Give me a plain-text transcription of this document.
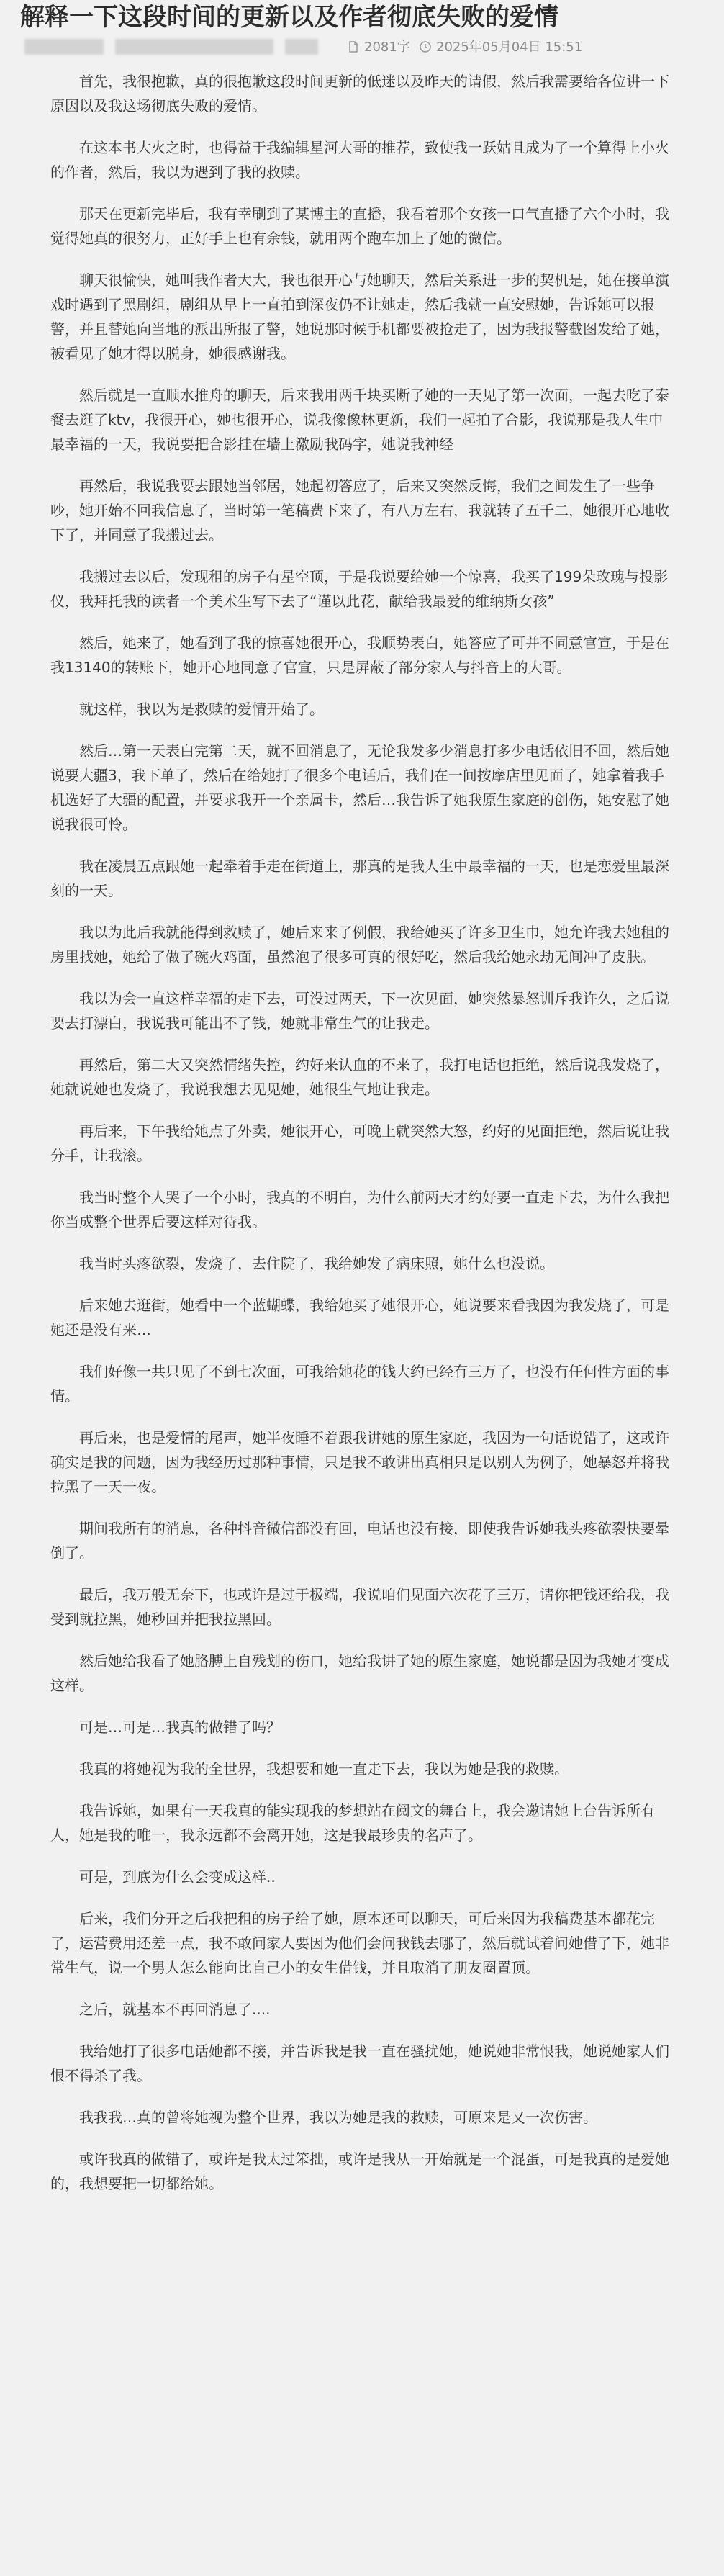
解释一下这段时间的更新以及作者彻底失败的爱情
2081字	2025年05月04日 15:51

首先，我很抱歉，真的很抱歉这段时间更新的低迷以及昨天的请假，然后我需要给各位讲一下原因以及我这场彻底失败的爱情。

在这本书大火之时，也得益于我编辑星河大哥的推荐，致使我一跃姑且成为了一个算得上小火的作者，然后，我以为遇到了我的救赎。

那天在更新完毕后，我有幸刷到了某博主的直播，我看着那个女孩一口气直播了六个小时，我觉得她真的很努力，正好手上也有余钱，就用两个跑车加上了她的微信。

聊天很愉快，她叫我作者大大，我也很开心与她聊天，然后关系进一步的契机是，她在接单演戏时遇到了黑剧组，剧组从早上一直拍到深夜仍不让她走，然后我就一直安慰她，告诉她可以报警，并且替她向当地的派出所报了警，她说那时候手机都要被抢走了，因为我报警截图发给了她，被看见了她才得以脱身，她很感谢我。

然后就是一直顺水推舟的聊天，后来我用两千块买断了她的一天见了第一次面，一起去吃了泰餐去逛了ktv，我很开心，她也很开心，说我像像林更新，我们一起拍了合影，我说那是我人生中最幸福的一天，我说要把合影挂在墙上激励我码字，她说我神经

再然后，我说我要去跟她当邻居，她起初答应了，后来又突然反悔，我们之间发生了一些争吵，她开始不回我信息了，当时第一笔稿费下来了，有八万左右，我就转了五千二，她很开心地收下了，并同意了我搬过去。

我搬过去以后，发现租的房子有星空顶，于是我说要给她一个惊喜，我买了199朵玫瑰与投影仪，我拜托我的读者一个美术生写下去了“谨以此花，献给我最爱的维纳斯女孩”

然后，她来了，她看到了我的惊喜她很开心，我顺势表白，她答应了可并不同意官宣，于是在我13140的转账下，她开心地同意了官宣，只是屏蔽了部分家人与抖音上的大哥。

就这样，我以为是救赎的爱情开始了。

然后…第一天表白完第二天，就不回消息了，无论我发多少消息打多少电话依旧不回，然后她说要大疆3，我下单了，然后在给她打了很多个电话后，我们在一间按摩店里见面了，她拿着我手机选好了大疆的配置，并要求我开一个亲属卡，然后…我告诉了她我原生家庭的创伤，她安慰了她说我很可怜。

我在凌晨五点跟她一起牵着手走在街道上，那真的是我人生中最幸福的一天，也是恋爱里最深刻的一天。

我以为此后我就能得到救赎了，她后来来了例假，我给她买了许多卫生巾，她允许我去她租的房里找她，她给了做了碗火鸡面，虽然泡了很多可真的很好吃，然后我给她永劫无间冲了皮肤。

我以为会一直这样幸福的走下去，可没过两天，下一次见面，她突然暴怒训斥我许久，之后说要去打漂白，我说我可能出不了钱，她就非常生气的让我走。

再然后，第二大又突然情绪失控，约好来认血的不来了，我打电话也拒绝，然后说我发烧了，她就说她也发烧了，我说我想去见见她，她很生气地让我走。

再后来，下午我给她点了外卖，她很开心，可晚上就突然大怒，约好的见面拒绝，然后说让我分手，让我滚。

我当时整个人哭了一个小时，我真的不明白，为什么前两天才约好要一直走下去，为什么我把你当成整个世界后要这样对待我。

我当时头疼欲裂，发烧了，去住院了，我给她发了病床照，她什么也没说。

后来她去逛街，她看中一个蓝蝴蝶，我给她买了她很开心，她说要来看我因为我发烧了，可是她还是没有来…

我们好像一共只见了不到七次面，可我给她花的钱大约已经有三万了，也没有任何性方面的事情。

再后来，也是爱情的尾声，她半夜睡不着跟我讲她的原生家庭，我因为一句话说错了，这或许确实是我的问题，因为我经历过那种事情，只是我不敢讲出真相只是以别人为例子，她暴怒并将我拉黑了一天一夜。

期间我所有的消息，各种抖音微信都没有回，电话也没有接，即使我告诉她我头疼欲裂快要晕倒了。

最后，我万般无奈下，也或许是过于极端，我说咱们见面六次花了三万，请你把钱还给我，我受到就拉黑，她秒回并把我拉黑回。

然后她给我看了她胳膊上自残划的伤口，她给我讲了她的原生家庭，她说都是因为我她才变成这样。

可是…可是…我真的做错了吗？

我真的将她视为我的全世界，我想要和她一直走下去，我以为她是我的救赎。

我告诉她，如果有一天我真的能实现我的梦想站在阅文的舞台上，我会邀请她上台告诉所有人，她是我的唯一，我永远都不会离开她，这是我最珍贵的名声了。

可是，到底为什么会变成这样..

后来，我们分开之后我把租的房子给了她，原本还可以聊天，可后来因为我稿费基本都花完了，运营费用还差一点，我不敢问家人要因为他们会问我钱去哪了，然后就试着问她借了下，她非常生气，说一个男人怎么能向比自己小的女生借钱，并且取消了朋友圈置顶。

之后，就基本不再回消息了....

我给她打了很多电话她都不接，并告诉我是我一直在骚扰她，她说她非常恨我，她说她家人们恨不得杀了我。

我我我…真的曾将她视为整个世界，我以为她是我的救赎，可原来是又一次伤害。

或许我真的做错了，或许是我太过笨拙，或许是我从一开始就是一个混蛋，可是我真的是爱她的，我想要把一切都给她。
